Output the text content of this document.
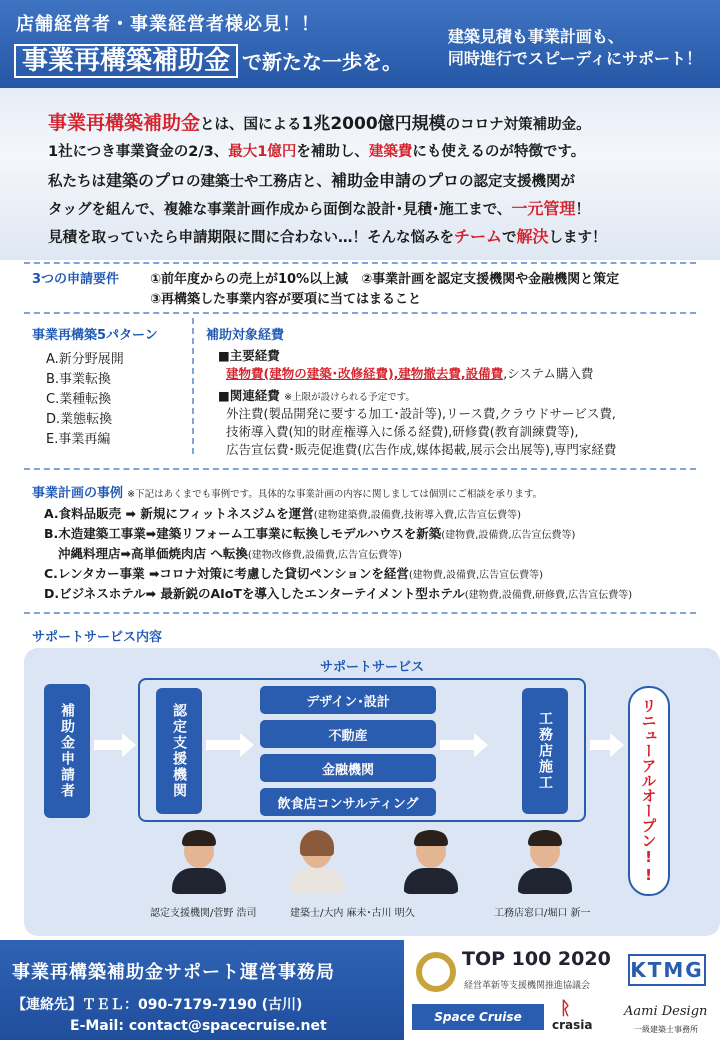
店舗経営者・事業経営者様必見！！
事業再構築補助金 で新たな一歩を。
建築見積も事業計画も、
同時進行でスピーディにサポート！

事業再構築補助金とは、国による1兆2000億円規模のコロナ対策補助金。

1社につき事業資金の2/3、最大1億円を補助し、建築費にも使えるのが特徴です。

私たちは建築のプロの建築士や工務店と、補助金申請のプロの認定支援機関が

タッグを組んで、複雑な事業計画作成から面倒な設計･見積･施工まで、一元管理！

見積を取っていたら申請期限に間に合わない…！そんな悩みをチームで解決します！

3つの申請要件 ①前年度からの売上が10%以上減　②事業計画を認定支援機関や金融機関と策定
③再構築した事業内容が要項に当てはまること
事業再構築5パターン
A.新分野展開
B.事業転換
C.業種転換
D.業態転換
E.事業再編
補助対象経費
■主要経費
建物費(建物の建築･改修経費),建物撤去費,設備費,システム購入費
■関連経費 ※上限が設けられる予定です。
外注費(製品開発に要する加工･設計等),リース費,クラウドサービス費,
技術導入費(知的財産権導入に係る経費),研修費(教育訓練費等),
広告宣伝費･販売促進費(広告作成,媒体掲載,展示会出展等),専門家経費
事業計画の事例 ※下記はあくまでも事例です。具体的な事業計画の内容に関しましては個別にご相談を承ります。
A.食料品販売 ➡ 新規にフィットネスジムを運営(建物建築費,設備費,技術導入費,広告宣伝費等)
B.木造建築工事業➡建築リフォーム工事業に転換しモデルハウスを新築(建物費,設備費,広告宣伝費等)
沖縄料理店➡高単価焼肉店 へ転換(建物改修費,設備費,広告宣伝費等)
C.レンタカー事業 ➡コロナ対策に考慮した貸切ペンションを経営(建物費,設備費,広告宣伝費等)
D.ビジネスホテル➡ 最新鋭のAIoTを導入したエンターテイメント型ホテル(建物費,設備費,研修費,広告宣伝費等)
サポートサービス内容
サポートサービス
補助金申請者	認定支援機関
デザイン･設計
不動産
金融機関
飲食店コンサルティング
工務店施工	リニューアルオープン!!
認定支援機関/菅野 浩司	建築士/大内 麻未･古川 明久	工務店窓口/堀口 新一
事業再構築補助金サポート運営事務局
【連絡先】ＴＥＬ：090-7179-7190 (古川)
E-Mail: contact@spacecruise.net
TOP 100 2020
経営革新等支援機関推進協議会
KTMG
Space Cruise	ᚱ
crasia
Aami Design
一級建築士事務所
